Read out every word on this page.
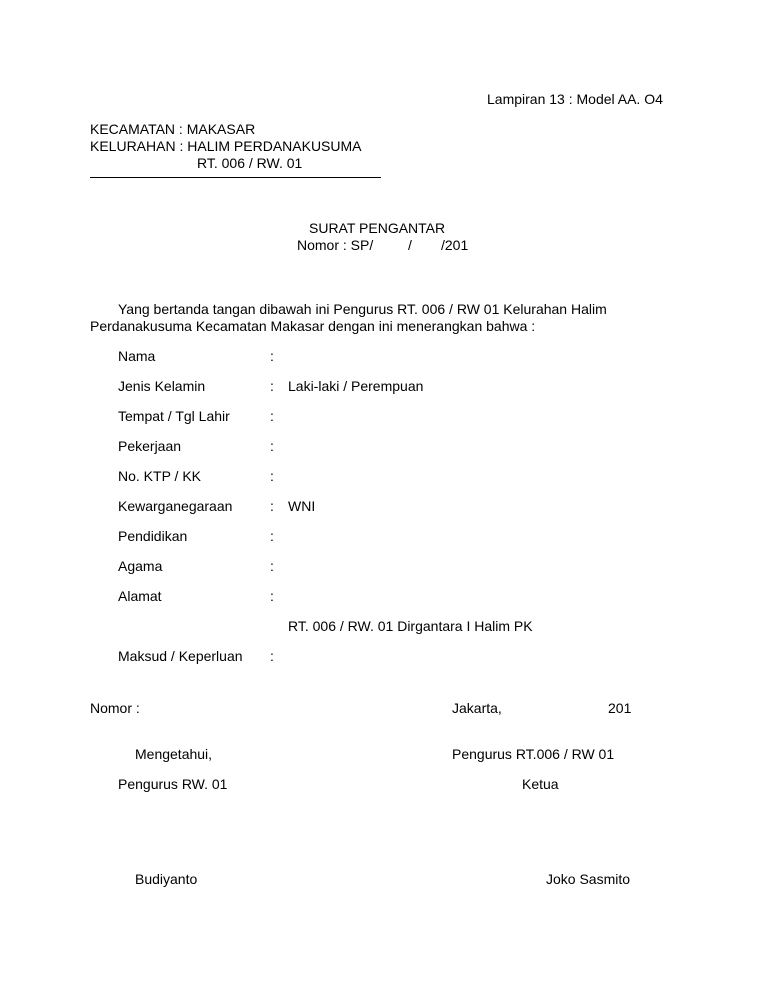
Lampiran 13 : Model AA. O4
KECAMATAN : MAKASAR
KELURAHAN : HALIM PERDANAKUSUMA
RT. 006 / RW. 01
SURAT PENGANTAR
Nomor : SP/ / /201
Yang bertanda tangan dibawah ini Pengurus RT. 006 / RW 01 Kelurahan Halim
Perdanakusuma Kecamatan Makasar dengan ini menerangkan bahwa :
Nama	:
Jenis Kelamin	: Laki-laki / Perempuan
Tempat / Tgl Lahir	:
Pekerjaan	:
No. KTP / KK	:
Kewarganegaraan	: WNI
Pendidikan	:
Agama	:
Alamat	:
RT. 006 / RW. 01 Dirgantara I Halim PK
Maksud / Keperluan :
Nomor :	Jakarta,	201
Mengetahui,	Pengurus RT.006 / RW 01
Pengurus RW. 01	Ketua
Budiyanto	Joko Sasmito
